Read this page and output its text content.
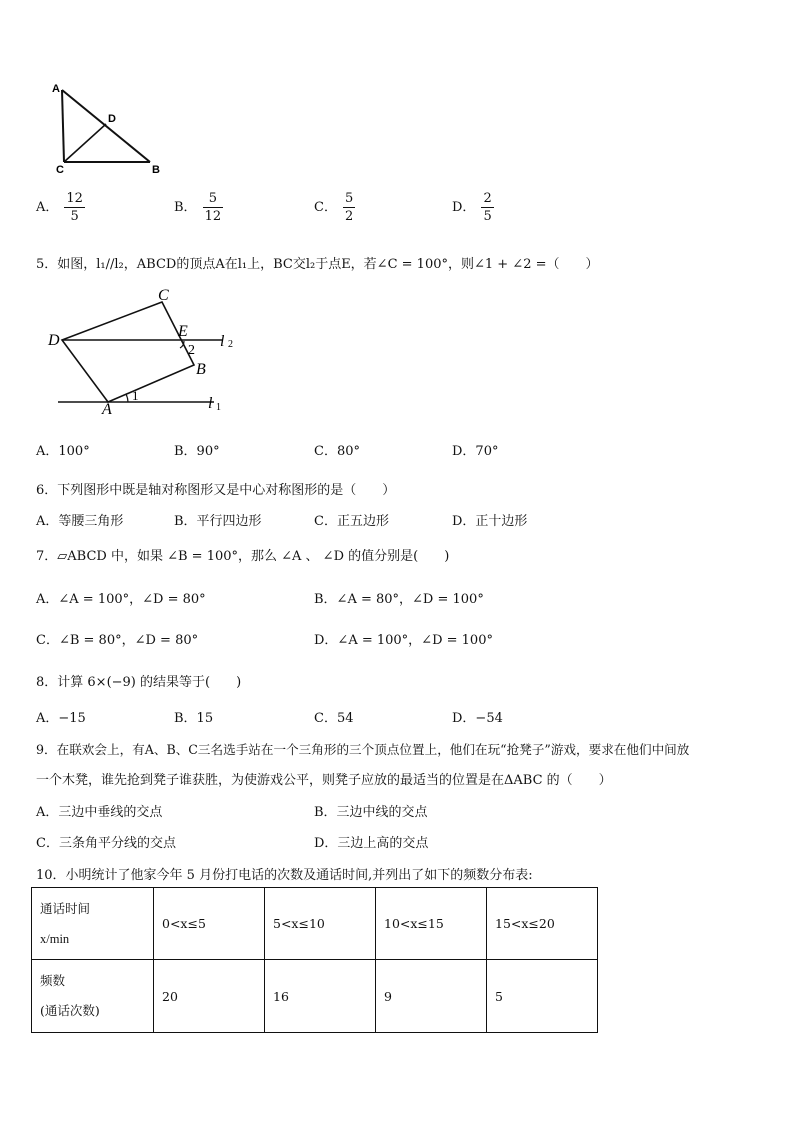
A
D
C	B
A． $\frac{12}{5}$	B． $\frac{5}{12}$	C． $\frac{5}{2}$	D． $\frac{2}{5}$
5．如图，l₁//l₂，ABCD的顶点A在l₁上，BC交l₂于点E，若∠C = 100°，则∠1 + ∠2 =（　　）
C
D
E
B
A
1
2
l 2
l 1
A．100°	B．90°	C．80°	D．70°
6．下列图形中既是轴对称图形又是中心对称图形的是（　　）
A．等腰三角形	B．平行四边形	C．正五边形	D．正十边形
7．▱ABCD 中，如果 ∠B = 100°，那么 ∠A 、 ∠D 的值分别是(　　)
A．∠A = 100°，∠D = 80°	B．∠A = 80°，∠D = 100°
C．∠B = 80°，∠D = 80°	D．∠A = 100°，∠D = 100°
8．计算 6×(−9) 的结果等于(　　)
A．−15	B．15	C．54	D．−54
9．在联欢会上，有A、B、C三名选手站在一个三角形的三个顶点位置上，他们在玩“抢凳子”游戏，要求在他们中间放
一个木凳，谁先抢到凳子谁获胜，为使游戏公平，则凳子应放的最适当的位置是在ΔABC 的（　　）
A．三边中垂线的交点	B．三边中线的交点
C．三条角平分线的交点	D．三边上高的交点
10．小明统计了他家今年 5 月份打电话的次数及通话时间,并列出了如下的频数分布表:
通话时间
x/min	0<x≤5	5<x≤10	10<x≤15	15<x≤20

频数
(通话次数)	20	16	9	5
